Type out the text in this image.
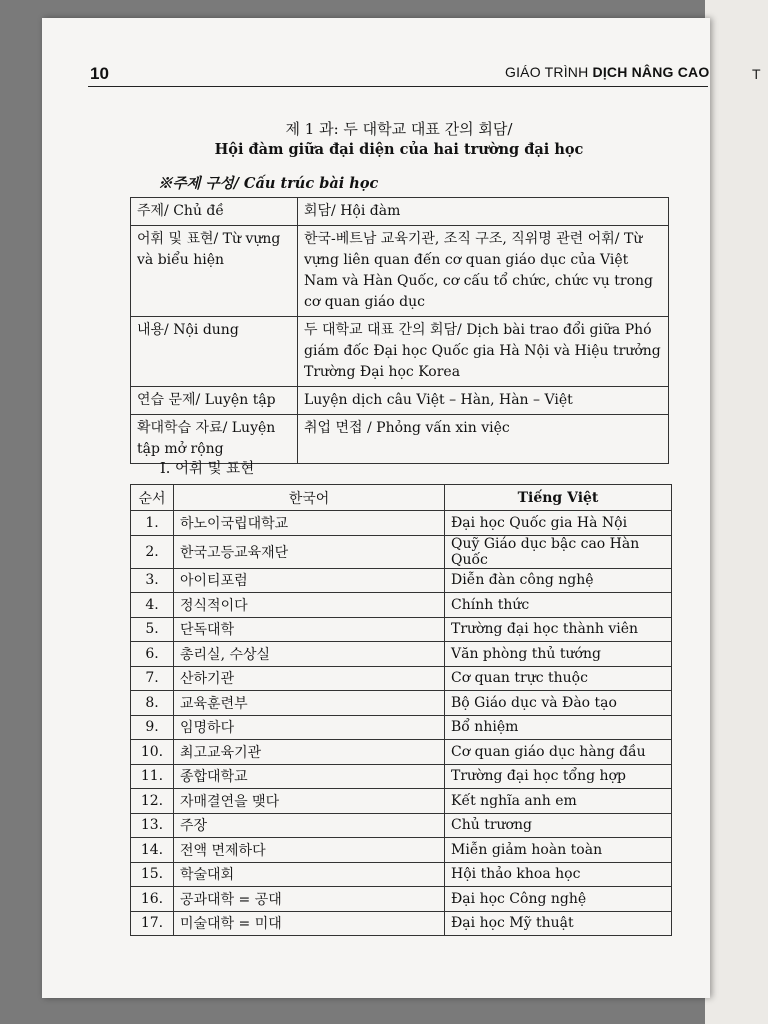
T
10	GIÁO TRÌNH DỊCH NÂNG CAO
제 1 과: 두 대학교 대표 간의 회담/
Hội đàm giữa đại diện của hai trường đại học
※주제 구성/ Cấu trúc bài học
주제/ Chủ đề	회담/ Hội đàm
어휘 및 표현/ Từ vựng và biểu hiện	한국-베트남 교육기관, 조직 구조, 직위명 관련 어휘/ Từ vựng liên quan đến cơ quan giáo dục của Việt Nam và Hàn Quốc, cơ cấu tổ chức, chức vụ trong cơ quan giáo dục
내용/ Nội dung	두 대학교 대표 간의 회담/ Dịch bài trao đổi giữa Phó giám đốc Đại học Quốc gia Hà Nội và Hiệu trưởng Trường Đại học Korea
연습 문제/ Luyện tập	Luyện dịch câu Việt – Hàn, Hàn – Việt
확대학습 자료/ Luyện tập mở rộng	취업 면접 / Phỏng vấn xin việc
I. 어휘 및 표현
순서	한국어	Tiếng Việt
1.	하노이국립대학교	Đại học Quốc gia Hà Nội
2.	한국고등교육재단	Quỹ Giáo dục bậc cao Hàn Quốc
3.	아이티포럼	Diễn đàn công nghệ
4.	정식적이다	Chính thức
5.	단독대학	Trường đại học thành viên
6.	총리실, 수상실	Văn phòng thủ tướng
7.	산하기관	Cơ quan trực thuộc
8.	교육훈련부	Bộ Giáo dục và Đào tạo
9.	임명하다	Bổ nhiệm
10.	최고교육기관	Cơ quan giáo dục hàng đầu
11.	종합대학교	Trường đại học tổng hợp
12.	자매결연을 맺다	Kết nghĩa anh em
13.	주장	Chủ trương
14.	전액 면제하다	Miễn giảm hoàn toàn
15.	학술대회	Hội thảo khoa học
16.	공과대학 = 공대	Đại học Công nghệ
17.	미술대학 = 미대	Đại học Mỹ thuật
